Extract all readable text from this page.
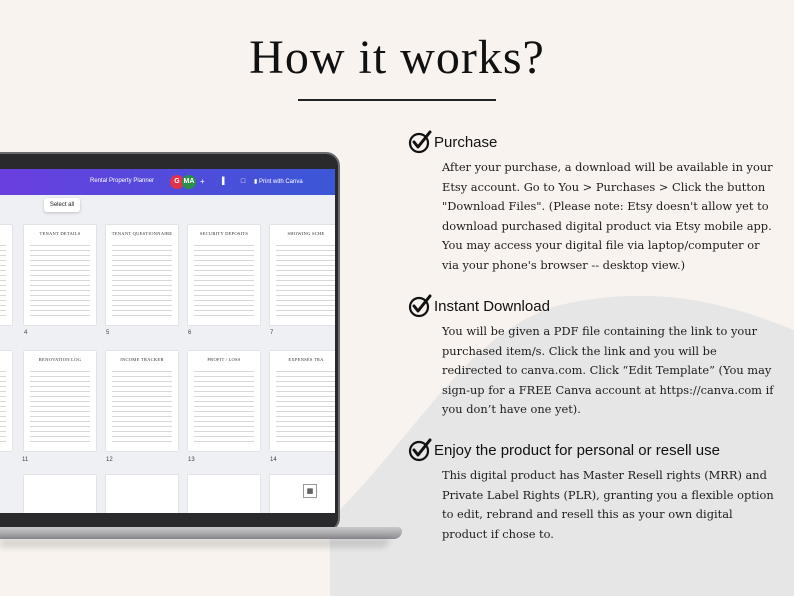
How it works?
Rental Property Planner	G MA +	▐	□	▮ Print with Canva
Select all
TENANT DETAILS	TENANT QUESTIONNAIRE	SECURITY DEPOSITS	SHOWING SCHE
4	5	6	7
RENOVATION LOG	INCOME TRACKER	PROFIT / LOSS	EXPENSES TRA
11	12	13	14
▦
Purchase
After your purchase, a download will be available in your Etsy account. Go to You > Purchases > Click the button "Download Files". (Please note: Etsy doesn't allow yet to download purchased digital product via Etsy mobile app. You may access your digital file via laptop/computer or via your phone's browser -- desktop view.)
Instant Download
You will be given a PDF file containing the link to your purchased item/s. Click the link and you will be redirected to canva.com. Click “Edit Template” (You may sign-up for a FREE Canva account at https://canva.com if you don’t have one yet).
Enjoy the product for personal or resell use
This digital product has Master Resell rights (MRR) and Private Label Rights (PLR), granting you a flexible option to edit, rebrand and resell this as your own digital product if chose to.
